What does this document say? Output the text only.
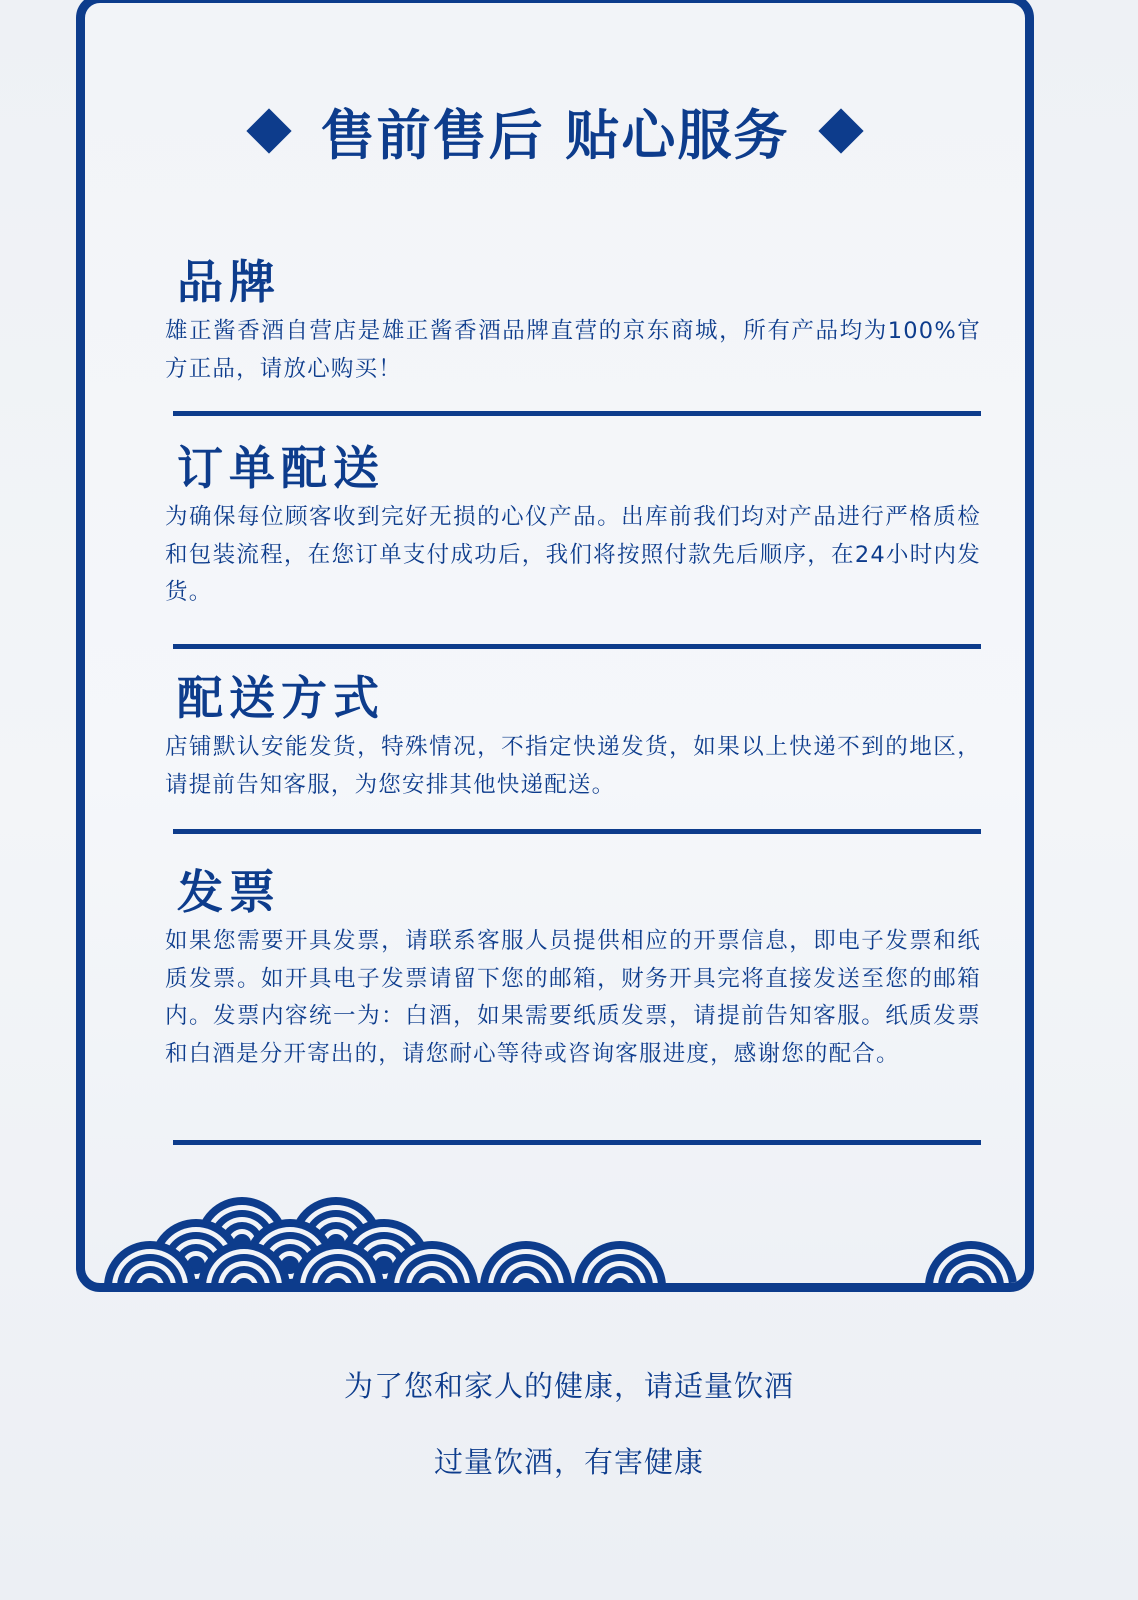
售前售后 贴心服务
品牌
雄正酱香酒自营店是雄正酱香酒品牌直营的京东商城，所有产品均为100%官方正品，请放心购买！
订单配送
为确保每位顾客收到完好无损的心仪产品。出库前我们均对产品进行严格质检和包装流程，在您订单支付成功后，我们将按照付款先后顺序，在24小时内发货。
配送方式
店铺默认安能发货，特殊情况，不指定快递发货，如果以上快递不到的地区，请提前告知客服，为您安排其他快递配送。
发票
如果您需要开具发票，请联系客服人员提供相应的开票信息，即电子发票和纸质发票。如开具电子发票请留下您的邮箱，财务开具完将直接发送至您的邮箱内。发票内容统一为：白酒，如果需要纸质发票，请提前告知客服。纸质发票和白酒是分开寄出的，请您耐心等待或咨询客服进度，感谢您的配合。
为了您和家人的健康，请适量饮酒
过量饮酒，有害健康
